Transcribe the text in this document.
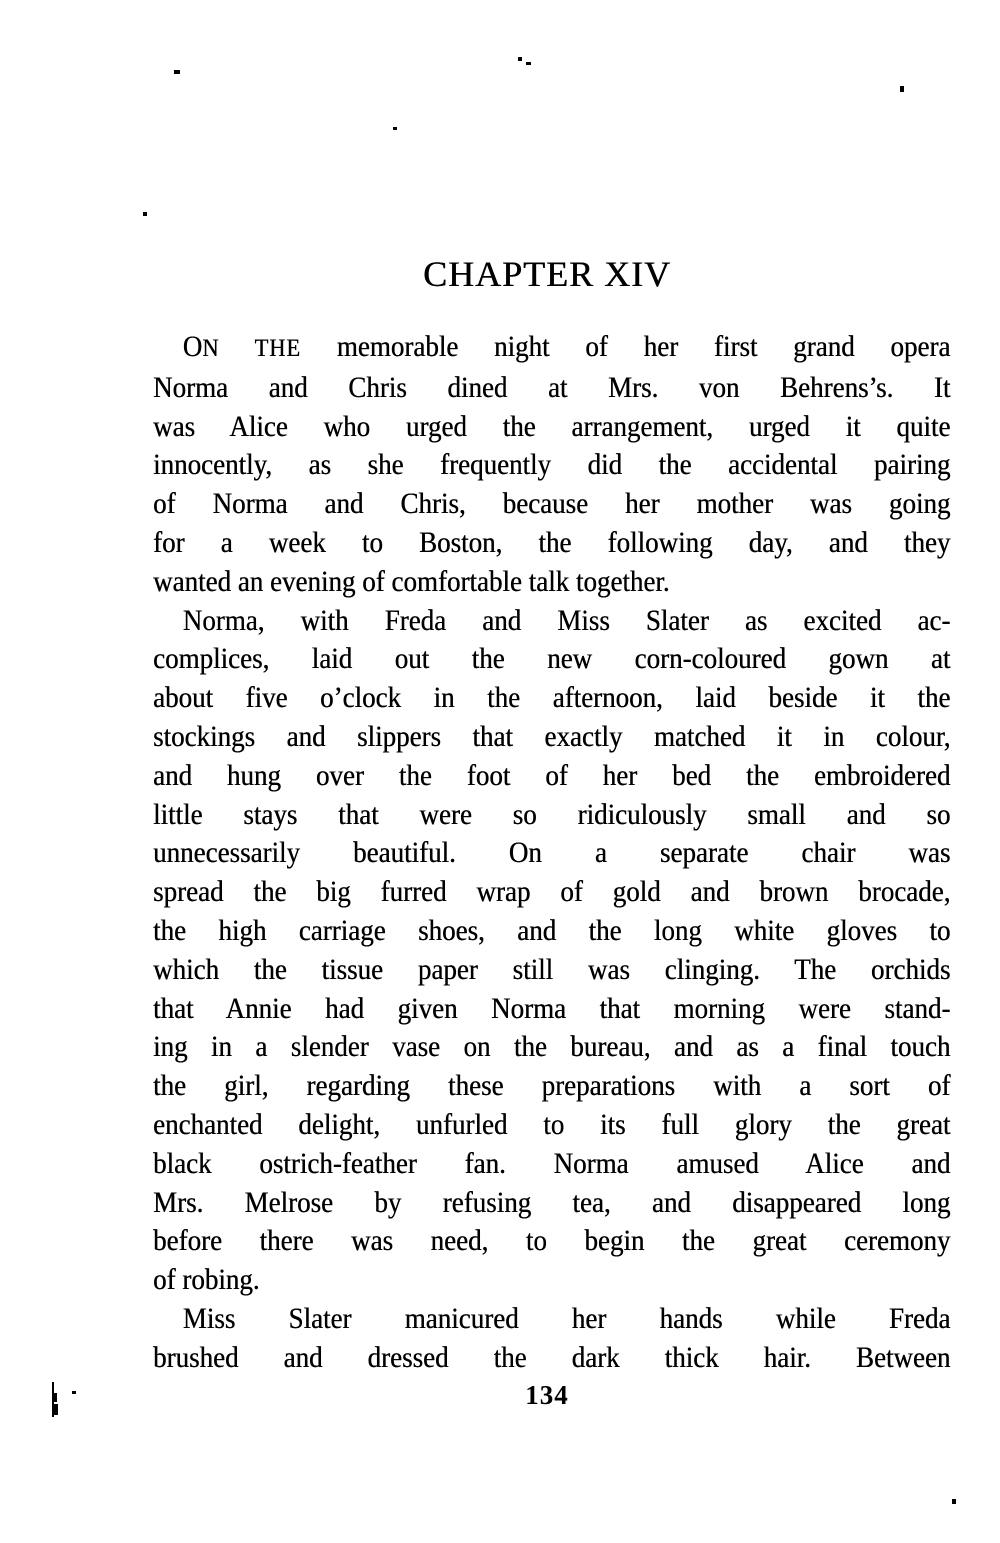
CHAPTER XIV
ON THE memorable night of her first grand opera
Norma and Chris dined at Mrs. von Behrens’s. It
was Alice who urged the arrangement, urged it quite
innocently, as she frequently did the accidental pairing
of Norma and Chris, because her mother was going
for a week to Boston, the following day, and they
wanted an evening of comfortable talk together.
Norma, with Freda and Miss Slater as excited ac-
complices, laid out the new corn-coloured gown at
about five o’clock in the afternoon, laid beside it the
stockings and slippers that exactly matched it in colour,
and hung over the foot of her bed the embroidered
little stays that were so ridiculously small and so
unnecessarily beautiful. On a separate chair was
spread the big furred wrap of gold and brown brocade,
the high carriage shoes, and the long white gloves to
which the tissue paper still was clinging. The orchids
that Annie had given Norma that morning were stand-
ing in a slender vase on the bureau, and as a final touch
the girl, regarding these preparations with a sort of
enchanted delight, unfurled to its full glory the great
black ostrich-feather fan. Norma amused Alice and
Mrs. Melrose by refusing tea, and disappeared long
before there was need, to begin the great ceremony
of robing.
Miss Slater manicured her hands while Freda
brushed and dressed the dark thick hair. Between
134
